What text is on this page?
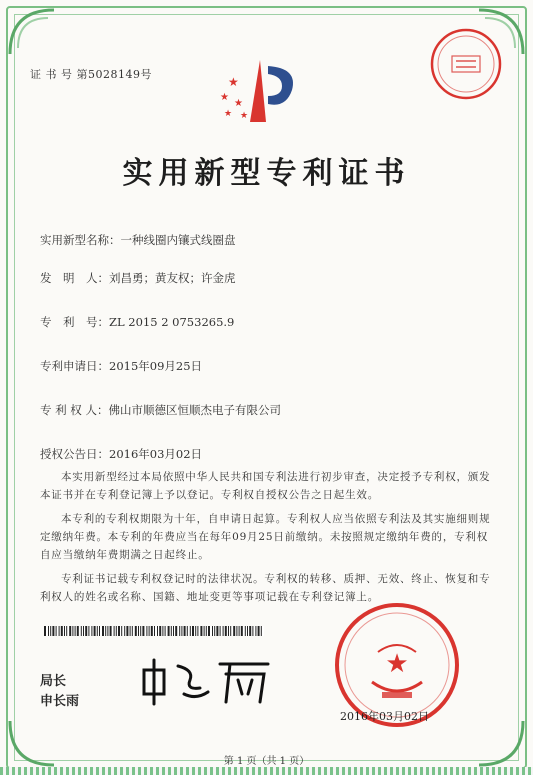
证 书 号 第5028149号
★
★
★
★ ★
实用新型专利证书
实用新型名称：一种线圈内镶式线圈盘
发　明　人：刘昌勇；黄友权；许金虎
专　利　号：ZL 2015 2 0753265.9
专利申请日：2015年09月25日
专 利 权 人：佛山市顺德区恒顺杰电子有限公司
授权公告日：2016年03月02日
本实用新型经过本局依照中华人民共和国专利法进行初步审查，决定授予专利权，颁发本证书并在专利登记簿上予以登记。专利权自授权公告之日起生效。
本专利的专利权期限为十年，自申请日起算。专利权人应当依照专利法及其实施细则规定缴纳年费。本专利的年费应当在每年09月25日前缴纳。未按照规定缴纳年费的，专利权自应当缴纳年费期满之日起终止。
专利证书记载专利权登记时的法律状况。专利权的转移、质押、无效、终止、恢复和专利权人的姓名或名称、国籍、地址变更等事项记载在专利登记簿上。
局长
申长雨
★
2016年03月02日
第 1 页（共 1 页）
